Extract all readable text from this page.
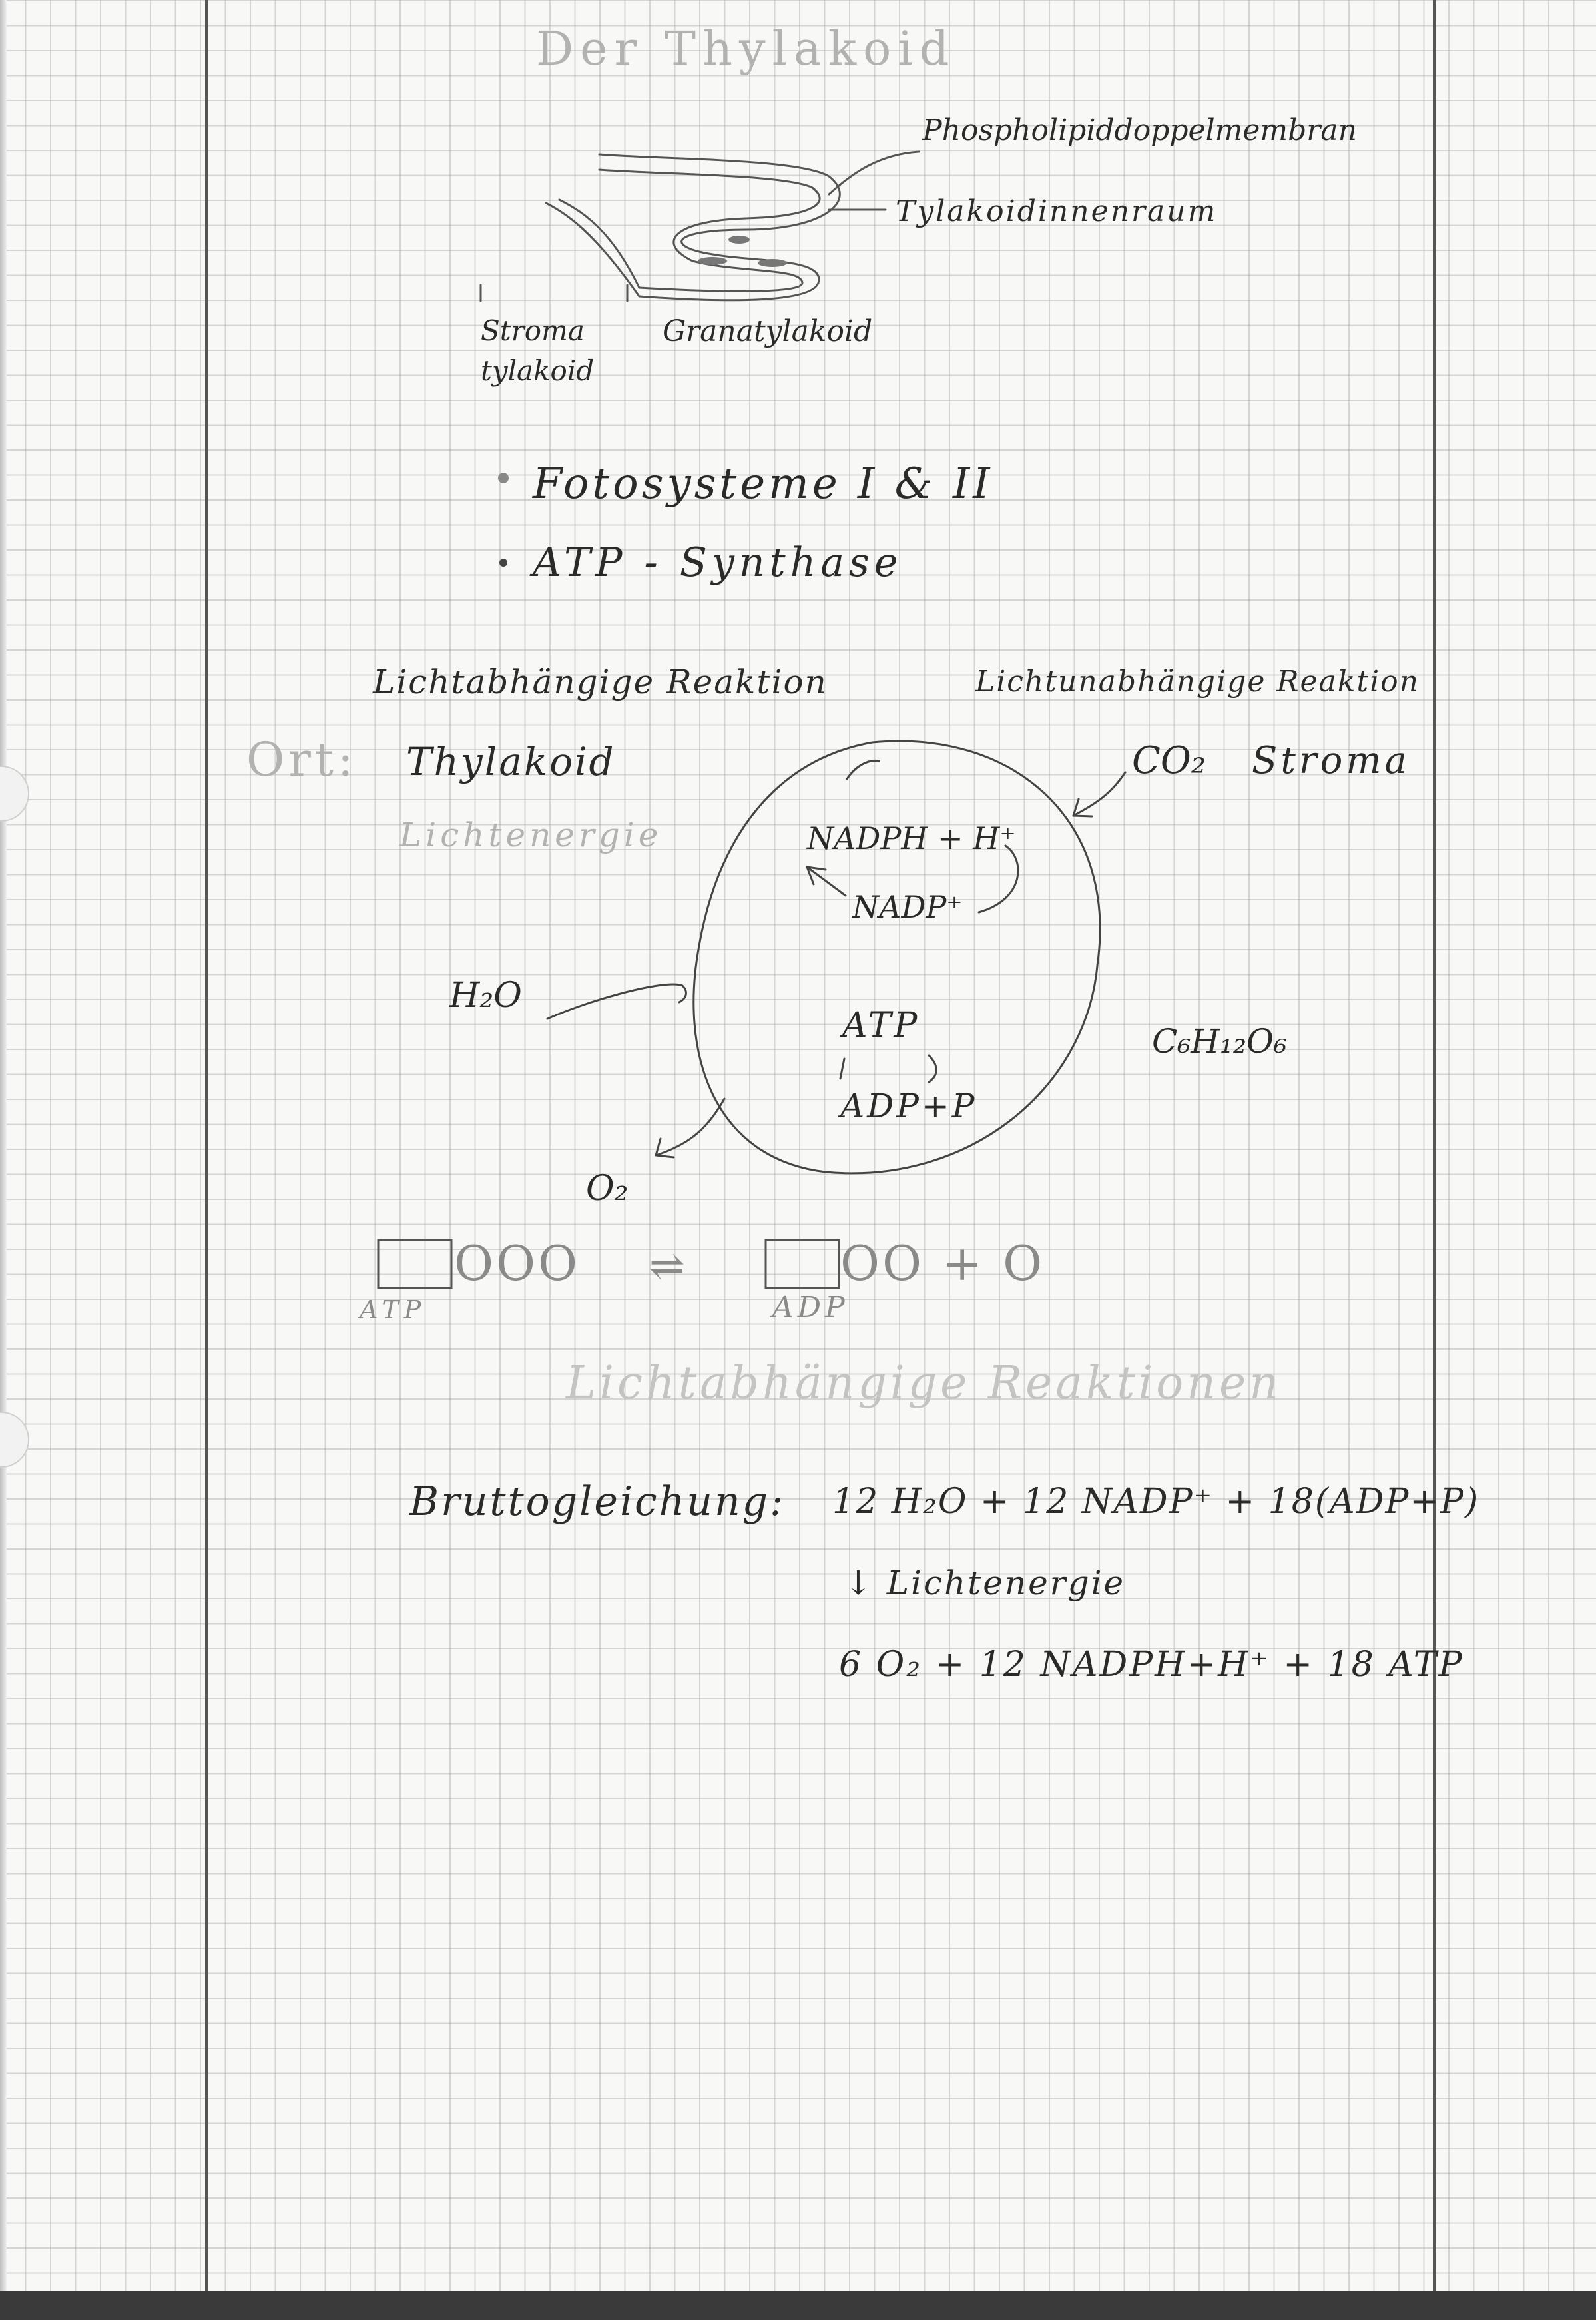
Der Thylakoid
Phospholipiddoppelmembran
Tylakoidinnenraum
Stroma
tylakoid
Granatylakoid
Fotosysteme I & II
ATP - Synthase
Lichtabhängige Reaktion	Lichtunabhängige Reaktion
Ort: Thylakoid
Lichtenergie
Stroma
CO₂
NADPH + H⁺
NADP⁺
H₂O
ATP
ADP+P
C₆H₁₂O₆
O₂
OOO
ATP
⇌	OO + O
ADP
Lichtabhängige Reaktionen
Bruttogleichung: 12 H₂O + 12 NADP⁺ + 18(ADP+P)
↓ Lichtenergie
6 O₂ + 12 NADPH+H⁺ + 18 ATP
